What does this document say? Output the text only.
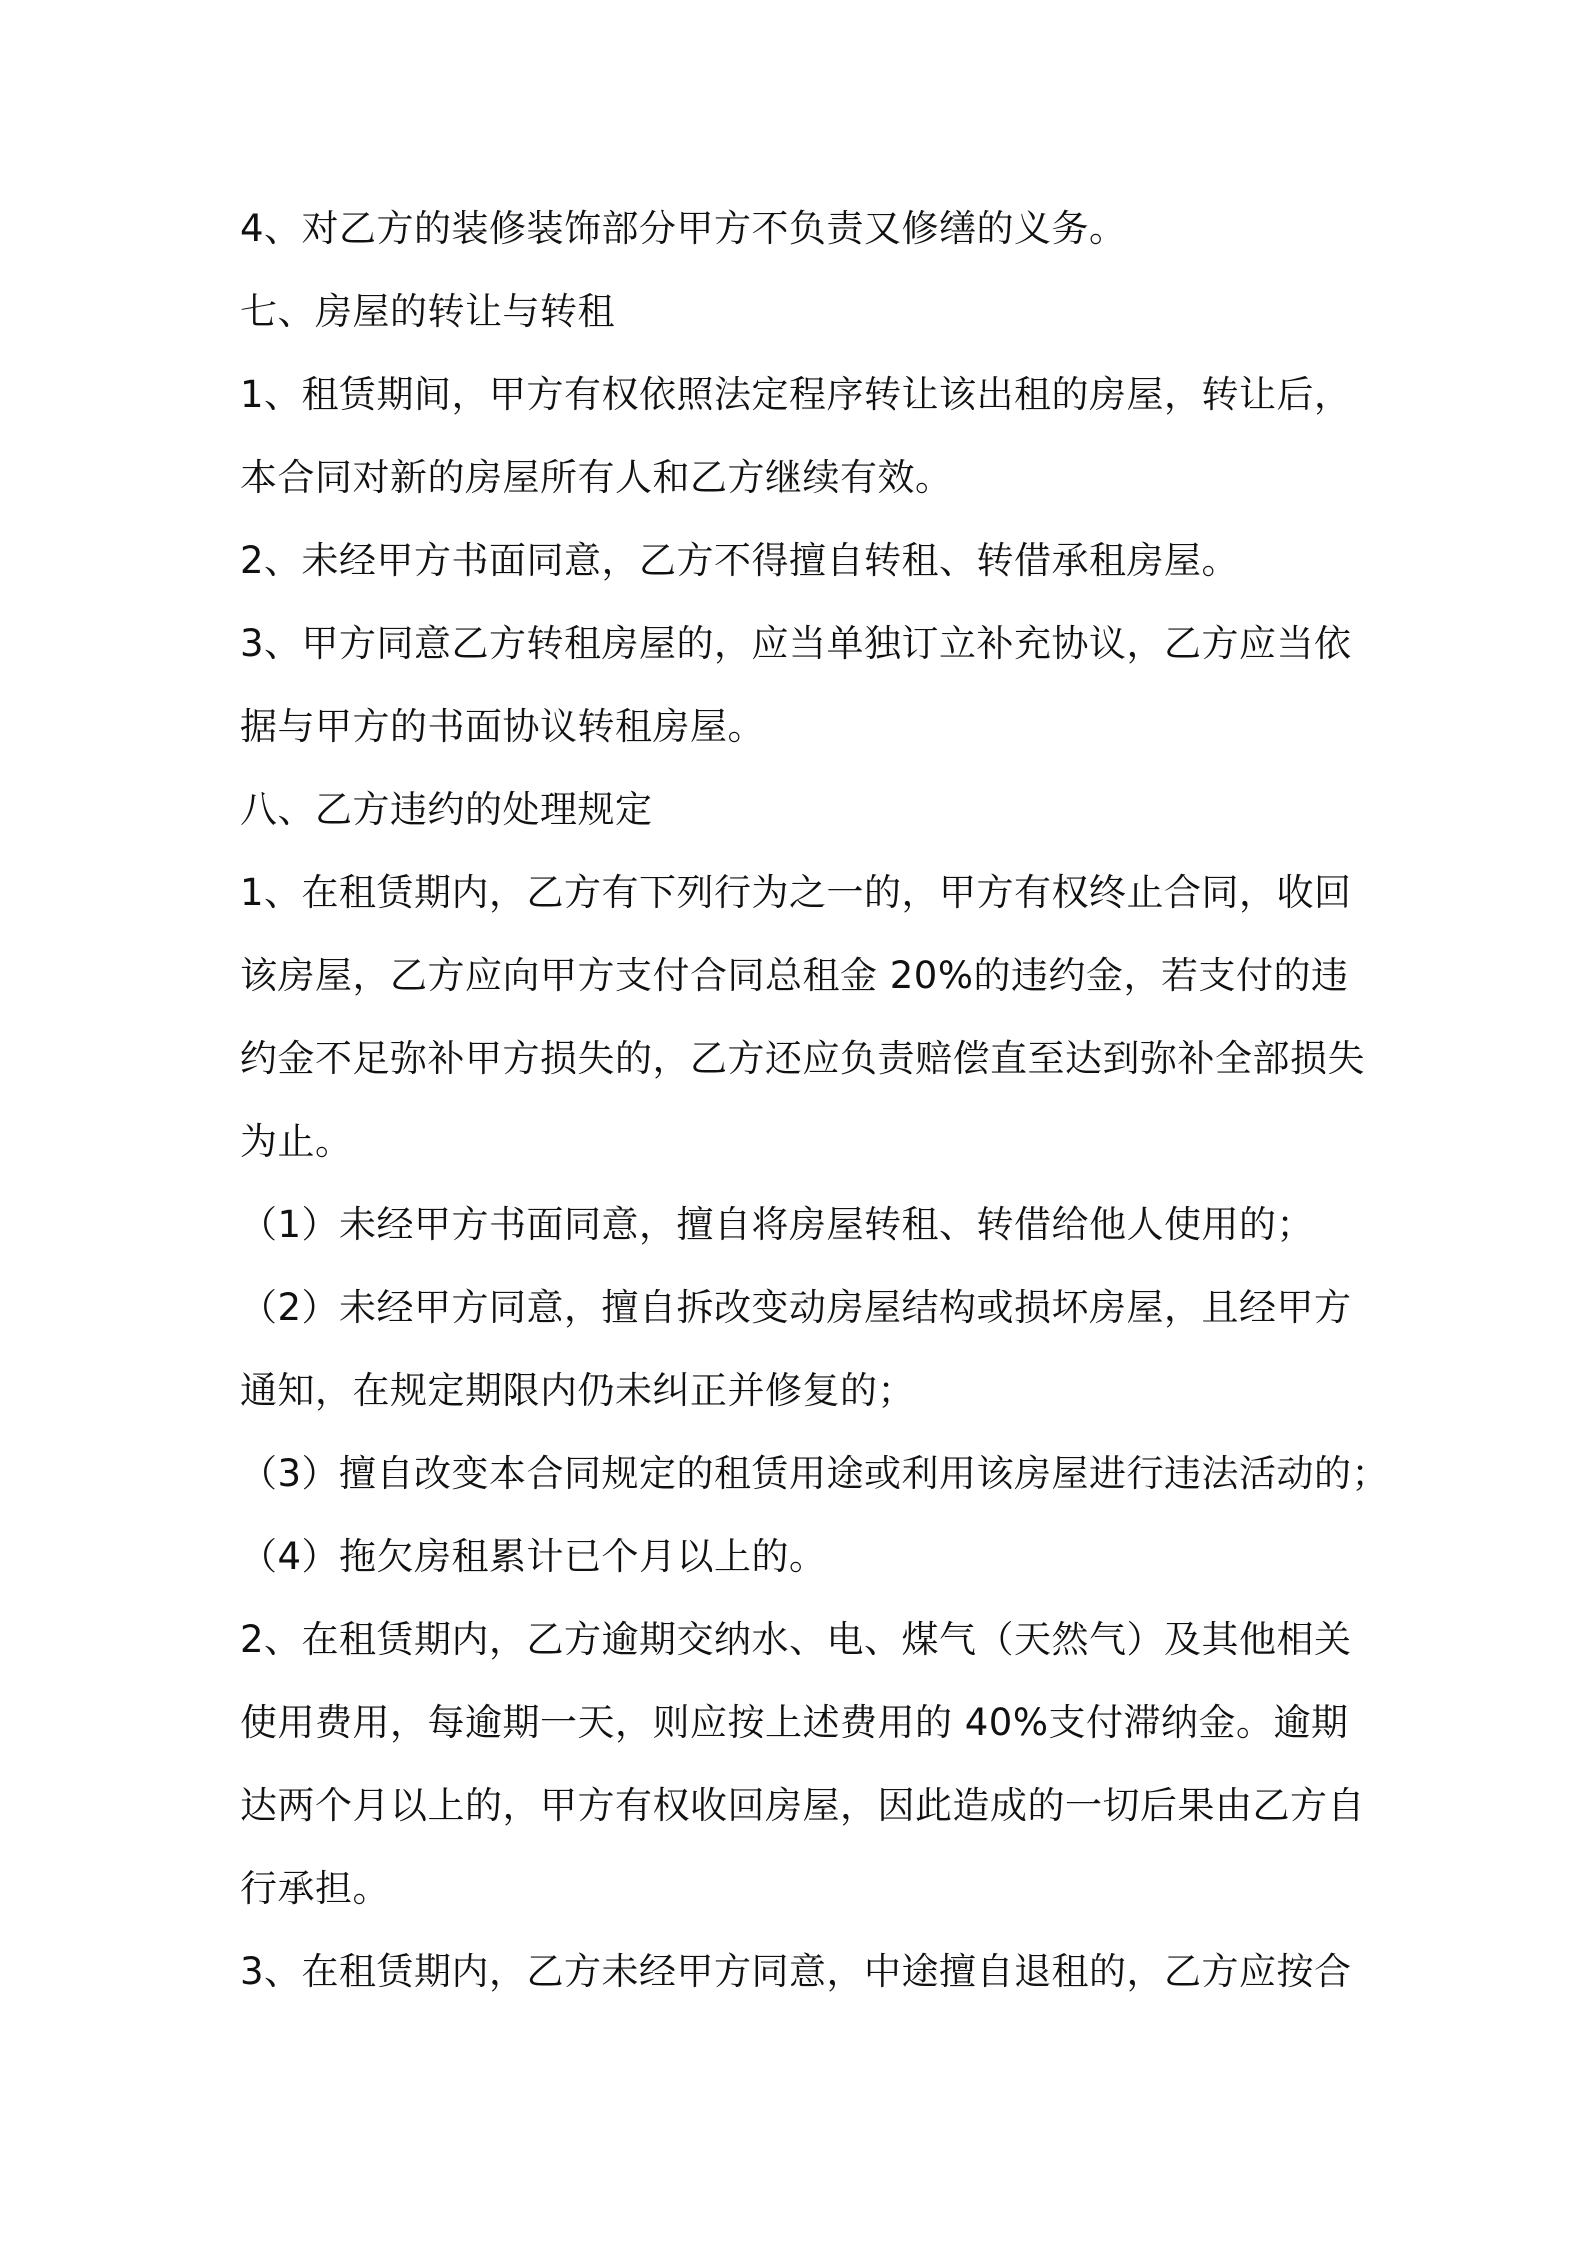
4、对乙方的装修装饰部分甲方不负责又修缮的义务。
七、房屋的转让与转租
1、租赁期间，甲方有权依照法定程序转让该出租的房屋，转让后，
本合同对新的房屋所有人和乙方继续有效。
2、未经甲方书面同意，乙方不得擅自转租、转借承租房屋。
3、甲方同意乙方转租房屋的，应当单独订立补充协议，乙方应当依
据与甲方的书面协议转租房屋。
八、乙方违约的处理规定
1、在租赁期内，乙方有下列行为之一的，甲方有权终止合同，收回
该房屋，乙方应向甲方支付合同总租金 20%的违约金，若支付的违
约金不足弥补甲方损失的，乙方还应负责赔偿直至达到弥补全部损失
为止。
（1）未经甲方书面同意，擅自将房屋转租、转借给他人使用的；
（2）未经甲方同意，擅自拆改变动房屋结构或损坏房屋，且经甲方
通知，在规定期限内仍未纠正并修复的；
（3）擅自改变本合同规定的租赁用途或利用该房屋进行违法活动的；
（4）拖欠房租累计已个月以上的。
2、在租赁期内，乙方逾期交纳水、电、煤气（天然气）及其他相关
使用费用，每逾期一天，则应按上述费用的 40%支付滞纳金。逾期
达两个月以上的，甲方有权收回房屋，因此造成的一切后果由乙方自
行承担。
3、在租赁期内，乙方未经甲方同意，中途擅自退租的，乙方应按合
